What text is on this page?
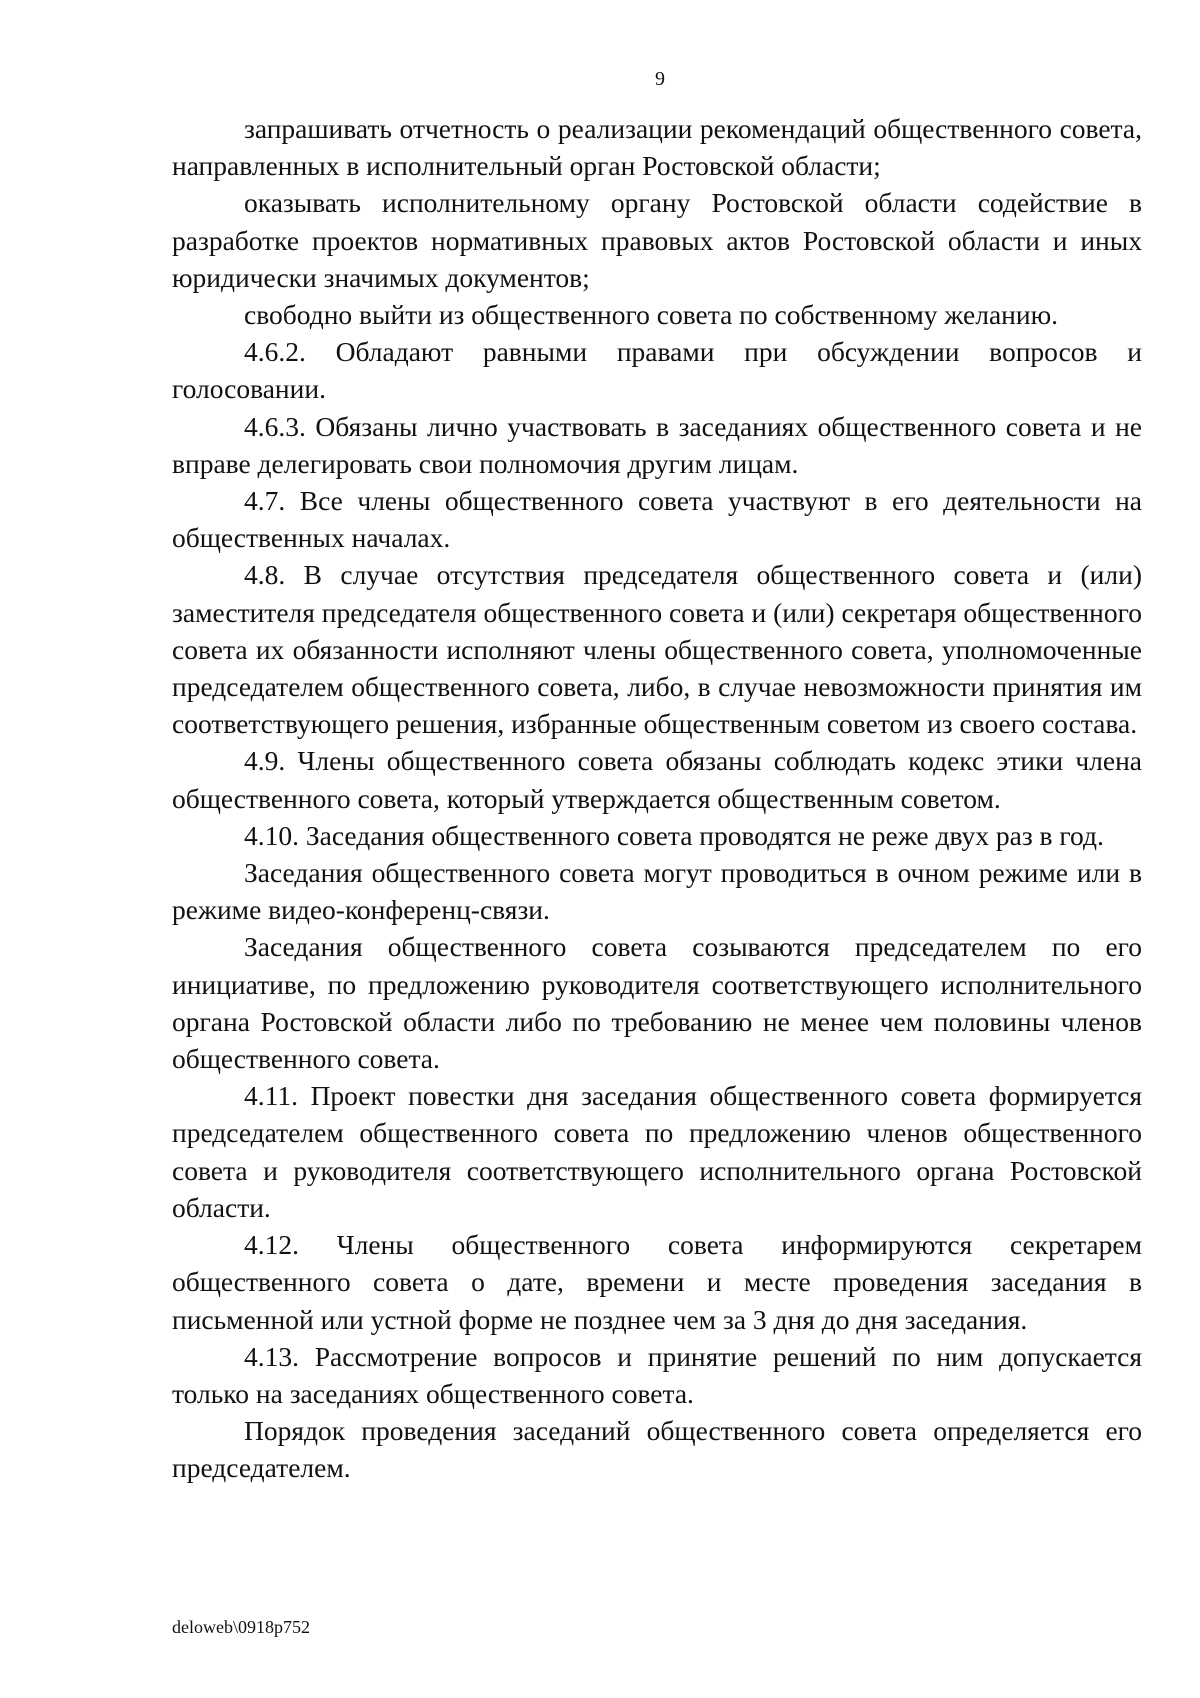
9

запрашивать отчетность о реализации рекомендаций общественного совета, направленных в исполнительный орган Ростовской области;

оказывать исполнительному органу Ростовской области содействие в разработке проектов нормативных правовых актов Ростовской области и иных юридически значимых документов;

свободно выйти из общественного совета по собственному желанию.

4.6.2. Обладают равными правами при обсуждении вопросов и голосовании.

4.6.3. Обязаны лично участвовать в заседаниях общественного совета и не вправе делегировать свои полномочия другим лицам.

4.7. Все члены общественного совета участвуют в его деятельности на общественных началах.

4.8. В случае отсутствия председателя общественного совета и (или) заместителя председателя общественного совета и (или) секретаря общественного совета их обязанности исполняют члены общественного совета, уполномоченные председателем общественного совета, либо, в случае невозможности принятия им соответствующего решения, избранные общественным советом из своего состава.

4.9. Члены общественного совета обязаны соблюдать кодекс этики члена общественного совета, который утверждается общественным советом.

4.10. Заседания общественного совета проводятся не реже двух раз в год.

Заседания общественного совета могут проводиться в очном режиме или в режиме видео-конференц-связи.

Заседания общественного совета созываются председателем по его инициативе, по предложению руководителя соответствующего исполнительного органа Ростовской области либо по требованию не менее чем половины членов общественного совета.

4.11. Проект повестки дня заседания общественного совета формируется председателем общественного совета по предложению членов общественного совета и руководителя соответствующего исполнительного органа Ростовской области.

4.12. Члены общественного совета информируются секретарем общественного совета о дате, времени и месте проведения заседания в письменной или устной форме не позднее чем за 3 дня до дня заседания.

4.13. Рассмотрение вопросов и принятие решений по ним допускается только на заседаниях общественного совета.

Порядок проведения заседаний общественного совета определяется его председателем.

deloweb\0918p752
